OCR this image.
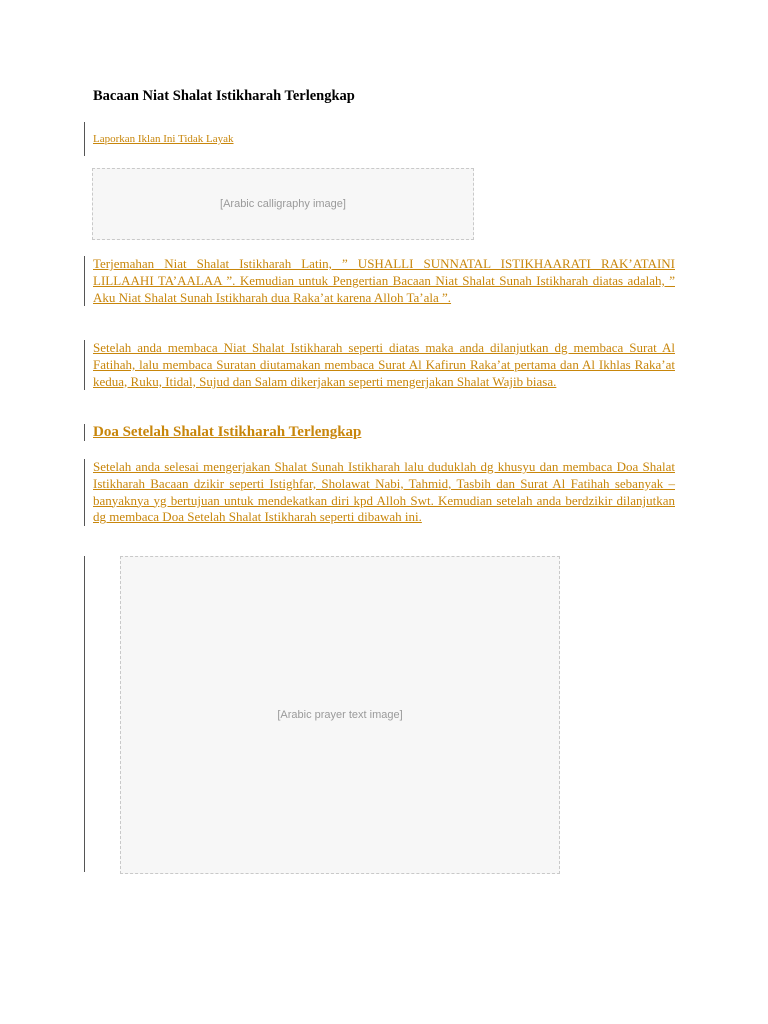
Bacaan Niat Shalat Istikharah Terlengkap
Laporkan Iklan Ini Tidak Layak
[Arabic calligraphy image]

Terjemahan Niat Shalat Istikharah Latin, ” USHALLI SUNNATAL ISTIKHAARATI RAK’ATAINI LILLAAHI TA’AALAA ”. Kemudian untuk Pengertian Bacaan Niat Shalat Sunah Istikharah diatas adalah, ” Aku Niat Shalat Sunah Istikharah dua Raka’at karena Alloh Ta’ala ”.

Setelah anda membaca Niat Shalat Istikharah seperti diatas maka anda dilanjutkan dg membaca Surat Al Fatihah, lalu membaca Suratan diutamakan membaca Surat Al Kafirun Raka’at pertama dan Al Ikhlas Raka’at kedua, Ruku, Itidal, Sujud dan Salam dikerjakan seperti mengerjakan Shalat Wajib biasa.

Doa Setelah Shalat Istikharah Terlengkap

Setelah anda selesai mengerjakan Shalat Sunah Istikharah lalu duduklah dg khusyu dan membaca Doa Shalat Istikharah Bacaan dzikir seperti Istighfar, Sholawat Nabi, Tahmid, Tasbih dan Surat Al Fatihah sebanyak – banyaknya yg bertujuan untuk mendekatkan diri kpd Alloh Swt. Kemudian setelah anda berdzikir dilanjutkan dg membaca Doa Setelah Shalat Istikharah seperti dibawah ini.

[Arabic prayer text image]
